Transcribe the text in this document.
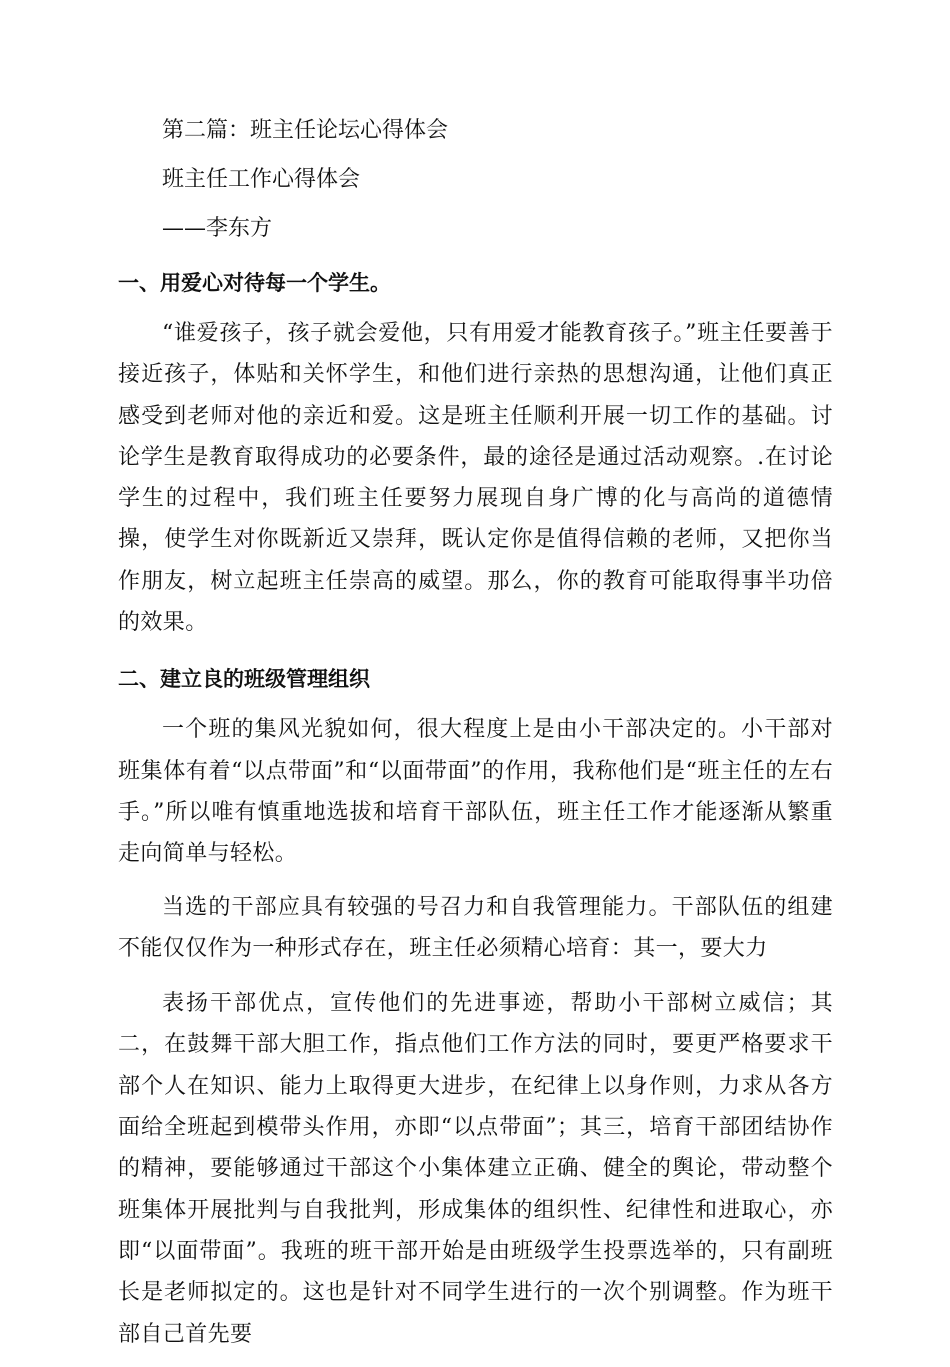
第二篇：班主任论坛心得体会

班主任工作心得体会

——李东方

一、用爱心对待每一个学生。

“谁爱孩子，孩子就会爱他，只有用爱才能教育孩子。”班主任要善于接近孩子，体贴和关怀学生，和他们进行亲热的思想沟通，让他们真正感受到老师对他的亲近和爱。这是班主任顺利开展一切工作的基础。讨论学生是教育取得成功的必要条件，最的途径是通过活动观察。.在讨论学生的过程中，我们班主任要努力展现自身广博的化与高尚的道德情操，使学生对你既新近又崇拜，既认定你是值得信赖的老师，又把你当作朋友，树立起班主任崇高的威望。那么，你的教育可能取得事半功倍的效果。

二、建立良的班级管理组织

一个班的集风光貌如何，很大程度上是由小干部决定的。小干部对班集体有着“以点带面”和“以面带面”的作用，我称他们是“班主任的左右手。”所以唯有慎重地选拔和培育干部队伍，班主任工作才能逐渐从繁重走向简单与轻松。

当选的干部应具有较强的号召力和自我管理能力。干部队伍的组建不能仅仅作为一种形式存在，班主任必须精心培育：其一，要大力

表扬干部优点，宣传他们的先进事迹，帮助小干部树立威信；其二，在鼓舞干部大胆工作，指点他们工作方法的同时，要更严格要求干部个人在知识、能力上取得更大进步，在纪律上以身作则，力求从各方面给全班起到模带头作用，亦即“以点带面”；其三，培育干部团结协作的精神，要能够通过干部这个小集体建立正确、健全的舆论，带动整个班集体开展批判与自我批判，形成集体的组织性、纪律性和进取心，亦即“以面带面”。我班的班干部开始是由班级学生投票选举的，只有副班长是老师拟定的。这也是针对不同学生进行的一次个别调整。作为班干部自己首先要
